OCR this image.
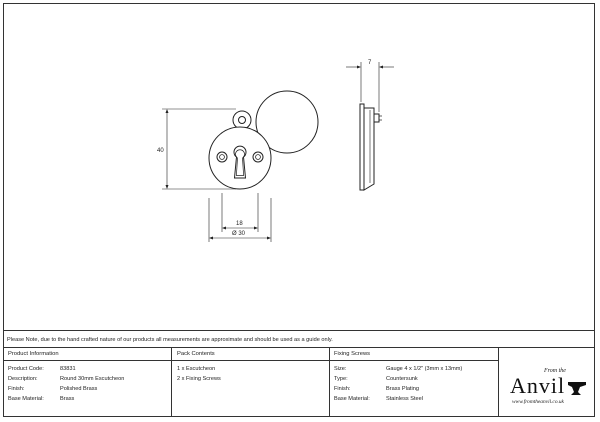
40
18
Ø 30
7
Please Note, due to the hand crafted nature of our products all measurements are approximate and should be used as a guide only.
Product Information
Product Code:	83831
Description:	Round 30mm Escutcheon
Finish:	Polished Brass
Base Material:	Brass
Pack Contents
1 x Escutcheon
2 x Fixing Screws
Fixing Screws
Size:	Gauge 4 x 1/2" (3mm x 13mm)
Type:	Countersunk
Finish:	Brass Plating
Base Material:	Stainless Steel
From the
Anvil
www.fromtheanvil.co.uk
